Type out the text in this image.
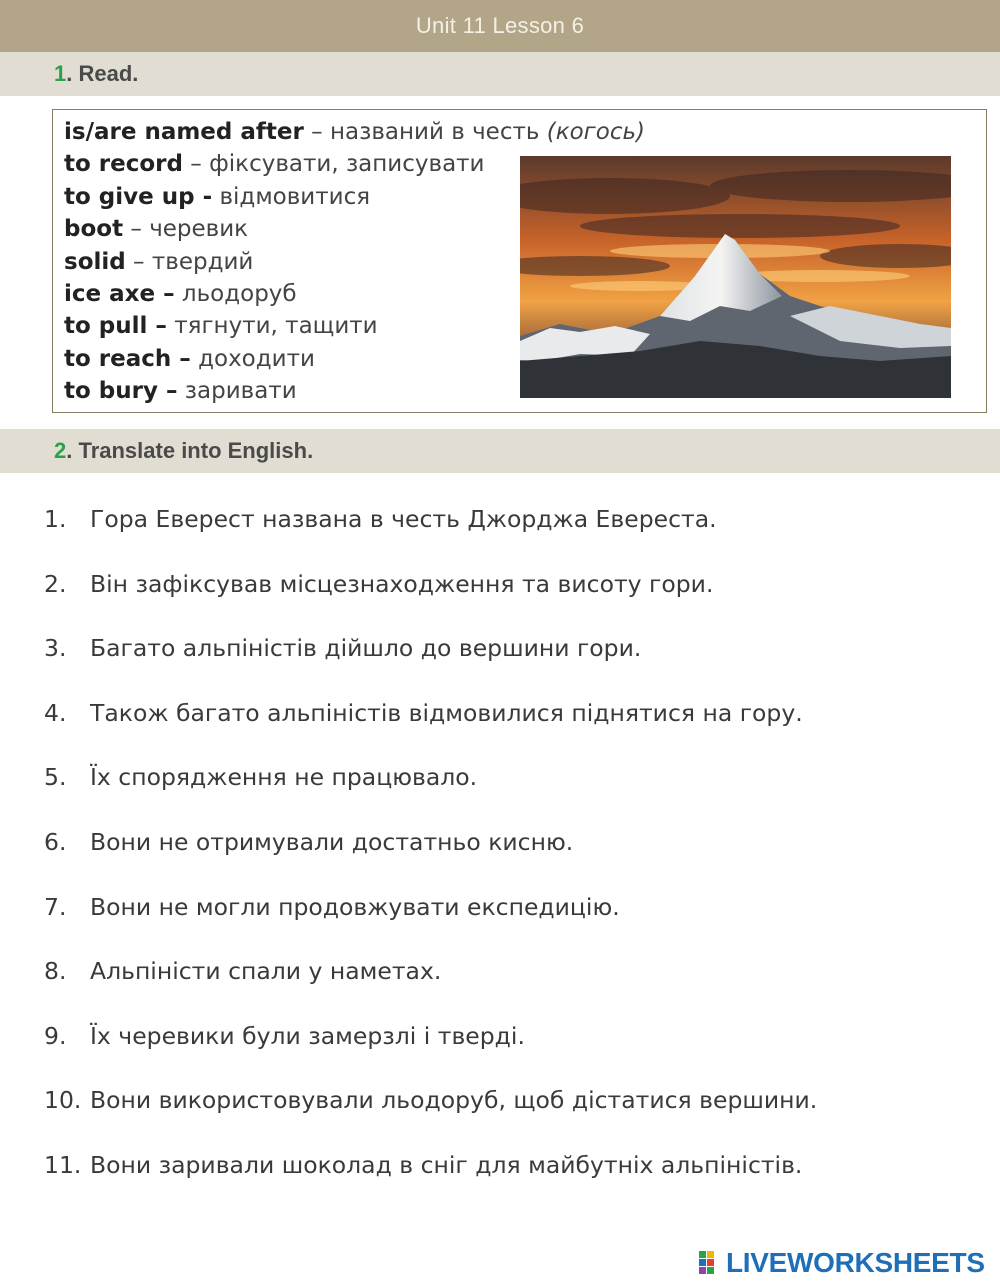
Unit 11 Lesson 6
1. Read.
is/are named after – названий в честь (когось)
to record – фіксувати, записувати
to give up - відмовитися
boot – черевик
solid – твердий
ice axe – льодоруб
to pull – тягнути, тащити
to reach – доходити
to bury – заривати
2. Translate into English.
1. Гора Еверест названа в честь Джорджа Евереста.
2. Він зафіксував місцезнаходження та висоту гори.
3. Багато альпіністів дійшло до вершини гори.
4. Також багато альпіністів відмовилися піднятися на гору.
5. Їх спорядження не працювало.
6. Вони не отримували достатньо кисню.
7. Вони не могли продовжувати експедицію.
8. Альпіністи спали у наметах.
9. Їх черевики були замерзлі і тверді.
10. Вони використовували льодоруб, щоб дістатися вершини.
11. Вони заривали шоколад в сніг для майбутніх альпіністів.
LIVEWORKSHEETS
